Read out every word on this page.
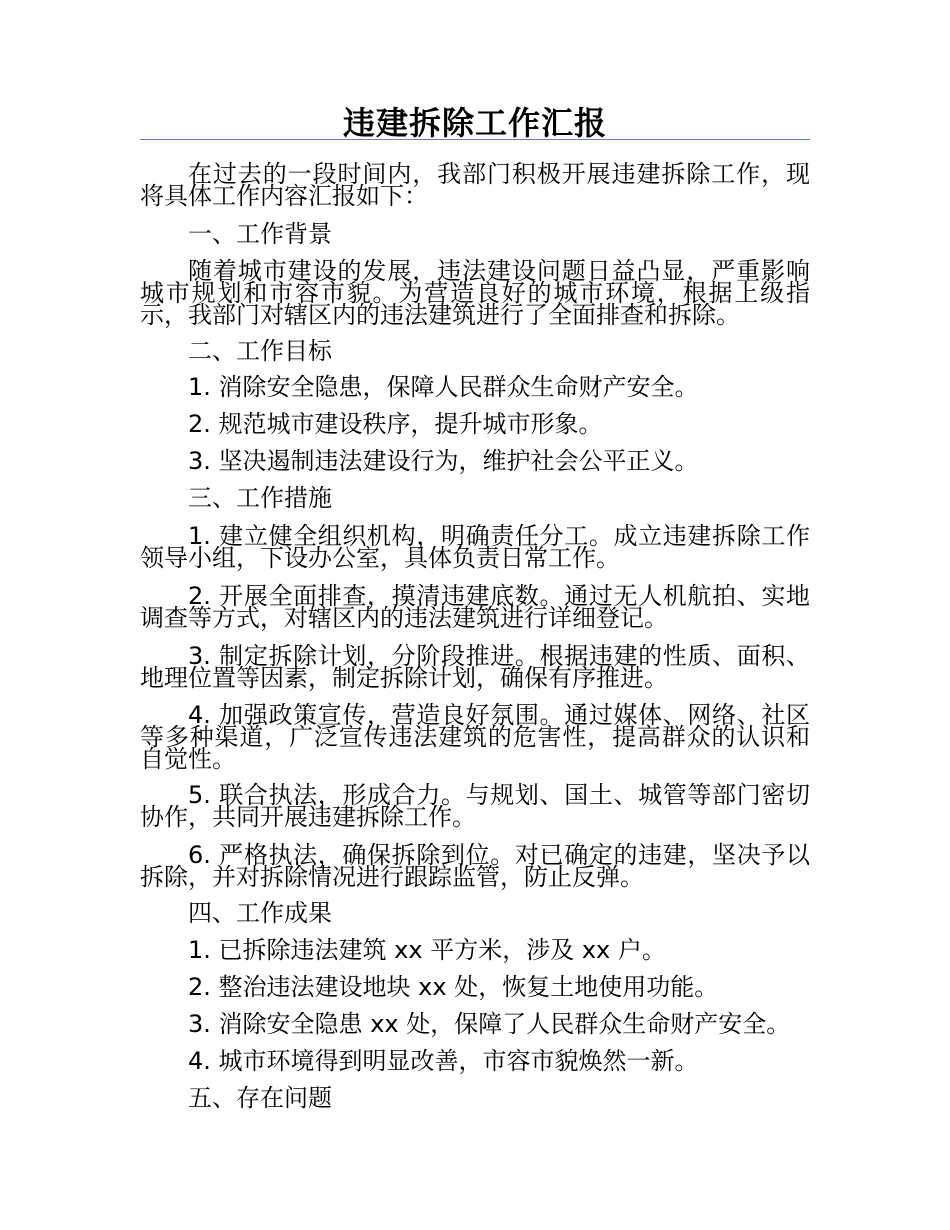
违建拆除工作汇报
在过去的一段时间内，我部门积极开展违建拆除工作，现将具体工作内容汇报如下：
一、工作背景
随着城市建设的发展，违法建设问题日益凸显，严重影响城市规划和市容市貌。为营造良好的城市环境，根据上级指示，我部门对辖区内的违法建筑进行了全面排查和拆除。
二、工作目标
1. 消除安全隐患，保障人民群众生命财产安全。
2. 规范城市建设秩序，提升城市形象。
3. 坚决遏制违法建设行为，维护社会公平正义。
三、工作措施
1. 建立健全组织机构，明确责任分工。成立违建拆除工作领导小组，下设办公室，具体负责日常工作。
2. 开展全面排查，摸清违建底数。通过无人机航拍、实地调查等方式，对辖区内的违法建筑进行详细登记。
3. 制定拆除计划，分阶段推进。根据违建的性质、面积、地理位置等因素，制定拆除计划，确保有序推进。
4. 加强政策宣传，营造良好氛围。通过媒体、网络、社区等多种渠道，广泛宣传违法建筑的危害性，提高群众的认识和自觉性。
5. 联合执法，形成合力。与规划、国土、城管等部门密切协作，共同开展违建拆除工作。
6. 严格执法，确保拆除到位。对已确定的违建，坚决予以拆除，并对拆除情况进行跟踪监管，防止反弹。
四、工作成果
1. 已拆除违法建筑 xx 平方米，涉及 xx 户。
2. 整治违法建设地块 xx 处，恢复土地使用功能。
3. 消除安全隐患 xx 处，保障了人民群众生命财产安全。
4. 城市环境得到明显改善，市容市貌焕然一新。
五、存在问题
